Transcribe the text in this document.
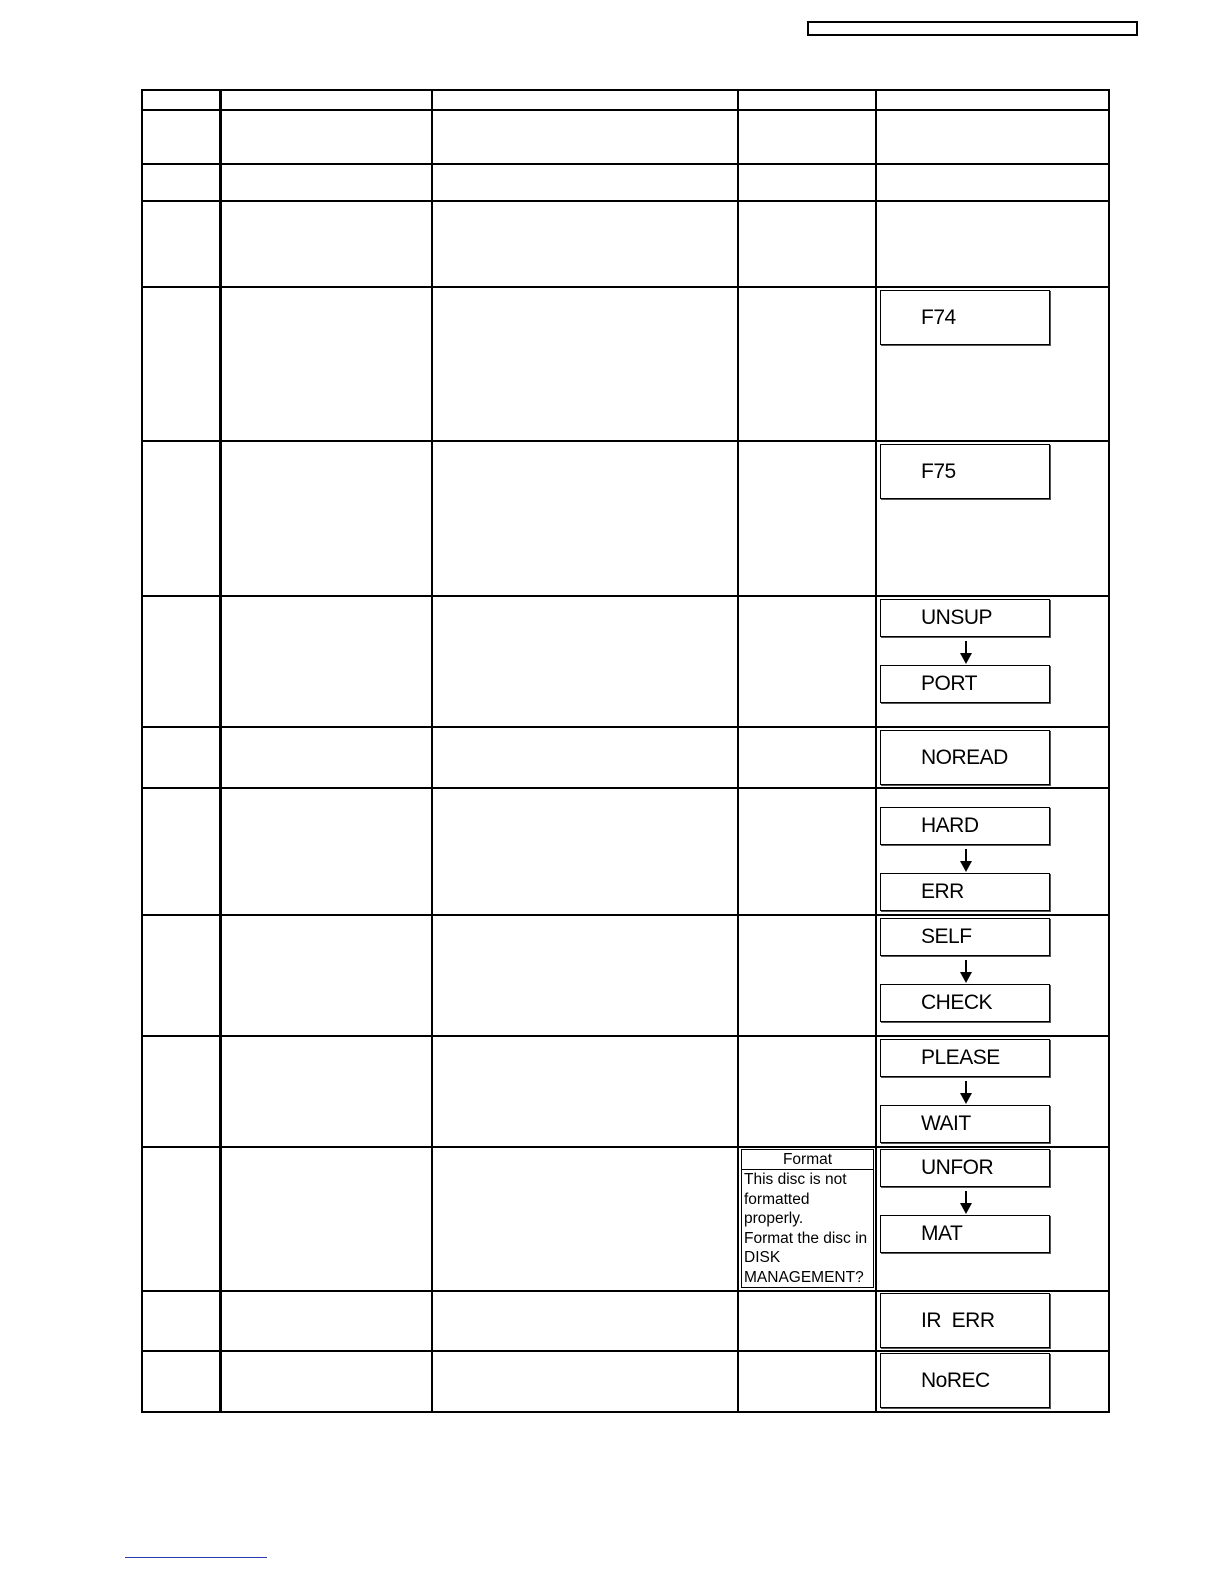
F74
F75
UNSUP
PORT
NOREAD
HARD
ERR
SELF
CHECK
PLEASE
WAIT
Format
This disc is not
formatted
properly.
Format the disc in
DISK
MANAGEMENT?
UNFOR
MAT
IR  ERR
NoREC
